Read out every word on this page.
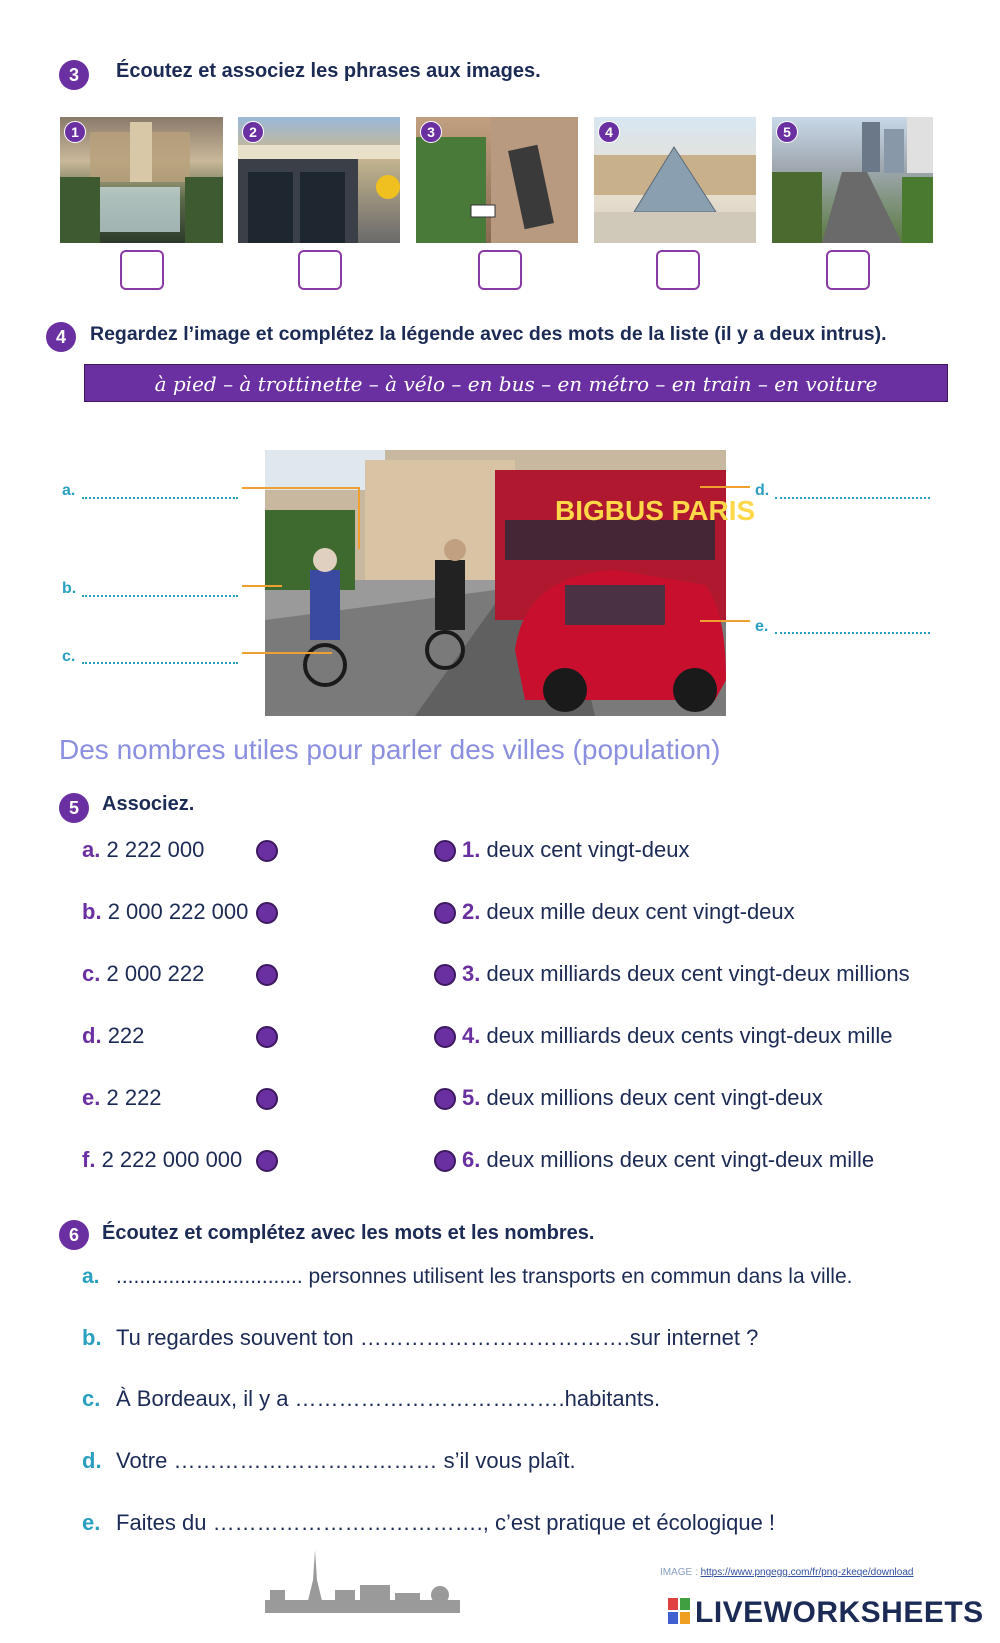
3	Écoutez et associez les phrases aux images.
1	2	3	4	5
4	Regardez l’image et complétez la légende avec des mots de la liste (il y a deux intrus).
à pied – à trottinette – à vélo – en bus – en métro – en train – en voiture
BIGBUS PARIS
a.
b.
c.
d.
e.
Des nombres utiles pour parler des villes (population)
5	Associez.
a. 2 222 000
b. 2 000 222 000
c. 2 000 222
d. 222
e. 2 222
f. 2 222 000 000
1. deux cent vingt-deux
2. deux mille deux cent vingt-deux
3. deux milliards deux cent vingt-deux millions
4. deux milliards deux cents vingt-deux mille
5. deux millions deux cent vingt-deux
6. deux millions deux cent vingt-deux mille
6	Écoutez et complétez avec les mots et les nombres.
a. ................................ personnes utilisent les transports en commun dans la ville.
b. Tu regardes souvent ton ……………………………….sur internet ?
c. À Bordeaux, il y a ……………………………….habitants.
d. Votre ……………………………… s’il vous plaît.
e. Faites du ………………………………., c’est pratique et écologique !
IMAGE : https://www.pngegg.com/fr/png-zkeqe/download
LIVEWORKSHEETS
